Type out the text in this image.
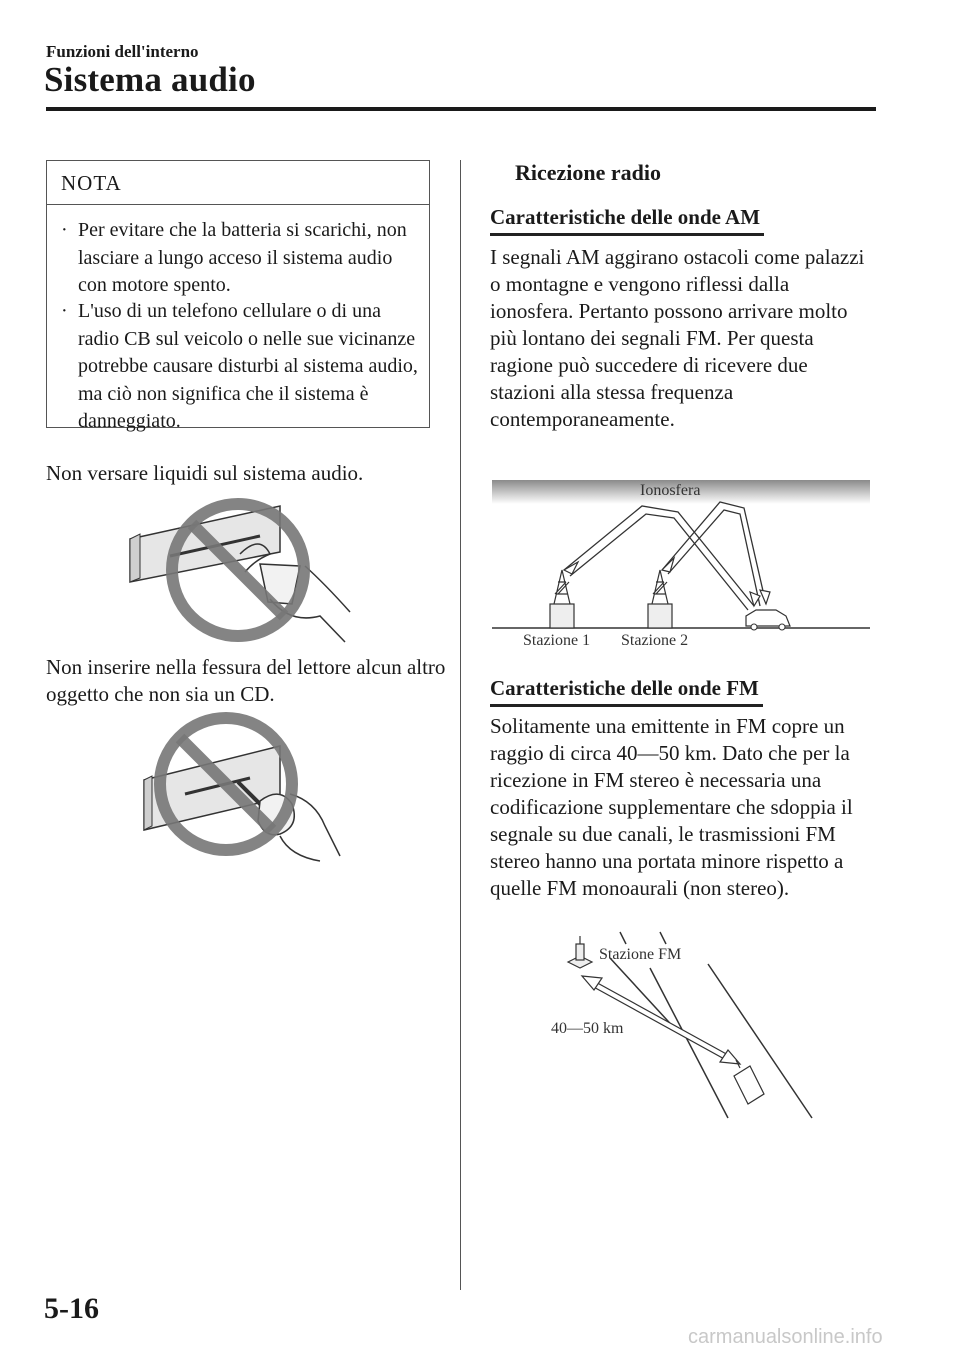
Funzioni dell'interno
Sistema audio
NOTA
· Per evitare che la batteria si scarichi, non lasciare a lungo acceso il sistema audio con motore spento.
· L'uso di un telefono cellulare o di una radio CB sul veicolo o nelle sue vicinanze potrebbe causare disturbi al sistema audio, ma ciò non significa che il sistema è danneggiato.
Non versare liquidi sul sistema audio.
Non inserire nella fessura del lettore alcun altro oggetto che non sia un CD.
Ricezione radio
Caratteristiche delle onde AM
I segnali AM aggirano ostacoli come palazzi o montagne e vengono riflessi dalla ionosfera. Pertanto possono arrivare molto più lontano dei segnali FM. Per questa ragione può succedere di ricevere due stazioni alla stessa frequenza contemporaneamente.
Ionosfera
Stazione 1 Stazione 2
Caratteristiche delle onde FM
Solitamente una emittente in FM copre un raggio di circa 40―50 km. Dato che per la ricezione in FM stereo è necessaria una codificazione supplementare che sdoppia il segnale su due canali, le trasmissioni FM stereo hanno una portata minore rispetto a quelle FM monoaurali (non stereo).
Stazione FM
40―50 km
5-16
carmanualsonline.info
